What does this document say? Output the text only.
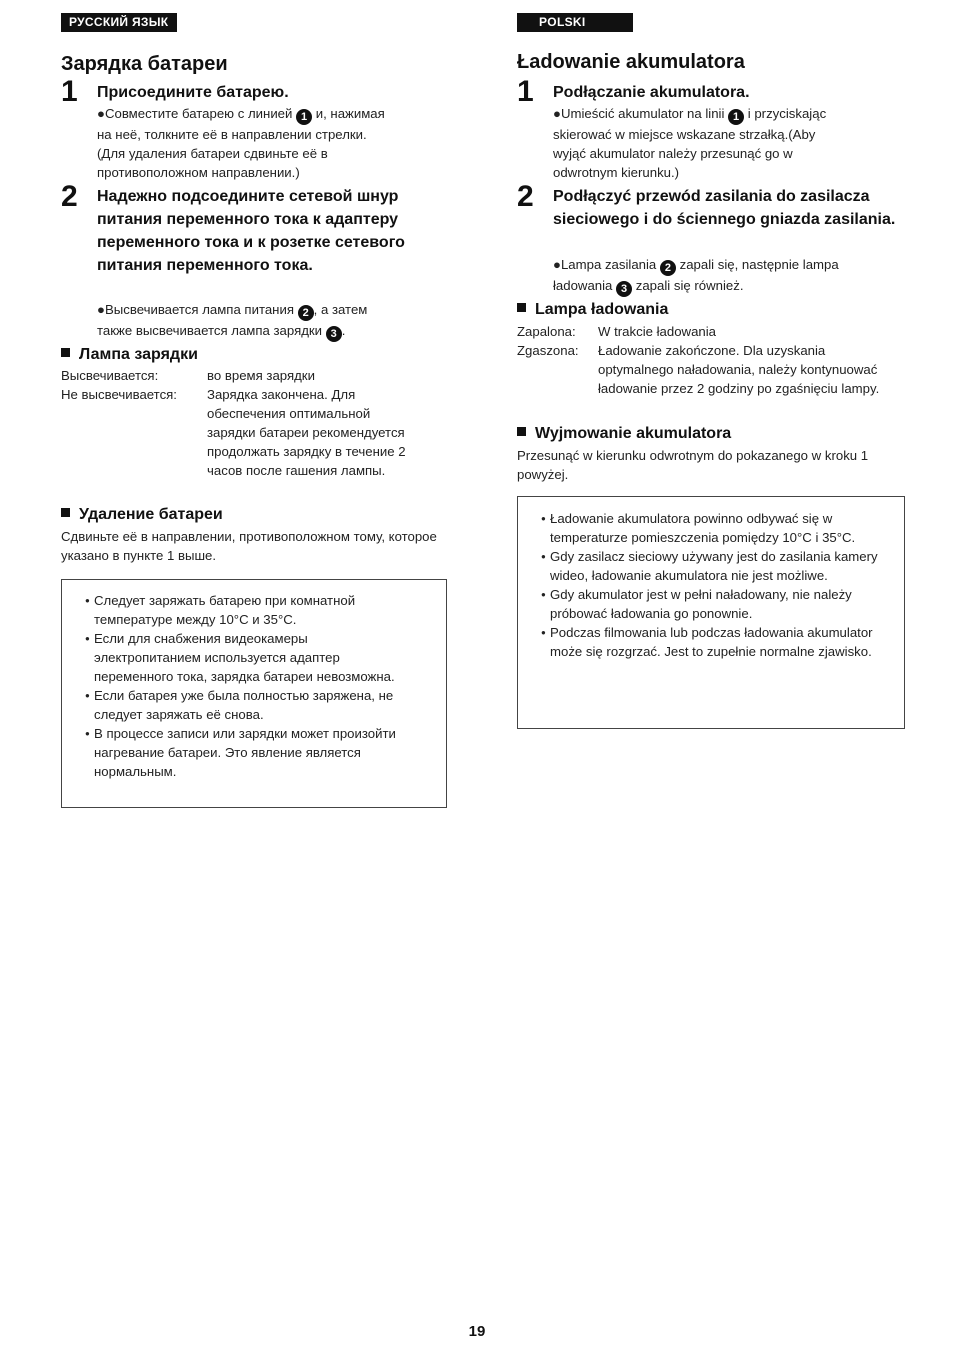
РУССКИЙ ЯЗЫК
Зарядка батареи
1 Присоедините батарею.
●Совместите батарею с линией 1 и, нажимая
на неё, толкните её в направлении стрелки.
(Для удаления батареи сдвиньте её в
противоположном направлении.)
2 Надежно подсоедините сетевой шнур питания переменного тока к адаптеру переменного тока и к розетке сетевого питания переменного тока.
●Высвечивается лампа питания 2 , а затем
также высвечивается лампа зарядки 3 .
Лампа зарядки
Высвечивается:	во время зарядки
Не высвечивается:	Зарядка закончена. Для обеспечения оптимальной зарядки батареи рекомендуется продолжать зарядку в течение 2 часов после гашения лампы.
Удаление батареи
Сдвиньте её в направлении, противоположном тому, которое указано в пункте 1 выше.
● Следует заряжать батарею при комнатной температуре между 10°C и 35°C.
● Если для снабжения видеокамеры электропитанием используется адаптер переменного тока, зарядка батареи невозможна.
● Если батарея уже была полностью заряжена, не следует заряжать её снова.
● В процессе записи или зарядки может произойти нагревание батареи. Это явление является нормальным.
POLSKI
Ładowanie akumulatora
1 Podłączanie akumulatora.
●Umieścić akumulator na linii 1 i przyciskając
skierować w miejsce wskazane strzałką.(Aby
wyjąć akumulator należy przesunąć go w
odwrotnym kierunku.)
2 Podłączyć przewód zasilania do zasilacza sieciowego i do ściennego gniazda zasilania.
●Lampa zasilania 2 zapali się, następnie lampa
ładowania 3 zapali się również.
Lampa ładowania
Zapalona:	W trakcie ładowania
Zgaszona:	Ładowanie zakończone. Dla uzyskania optymalnego naładowania, należy kontynuować ładowanie przez 2 godziny po zgaśnięciu lampy.
Wyjmowanie akumulatora
Przesunąć w kierunku odwrotnym do pokazanego w kroku 1 powyżej.
● Ładowanie akumulatora powinno odbywać się w temperaturze pomieszczenia pomiędzy 10°C i 35°C.
● Gdy zasilacz sieciowy używany jest do zasilania kamery wideo, ładowanie akumulatora nie jest możliwe.
● Gdy akumulator jest w pełni naładowany, nie należy próbować ładowania go ponownie.
● Podczas filmowania lub podczas ładowania akumulator może się rozgrzać. Jest to zupełnie normalne zjawisko.
19
